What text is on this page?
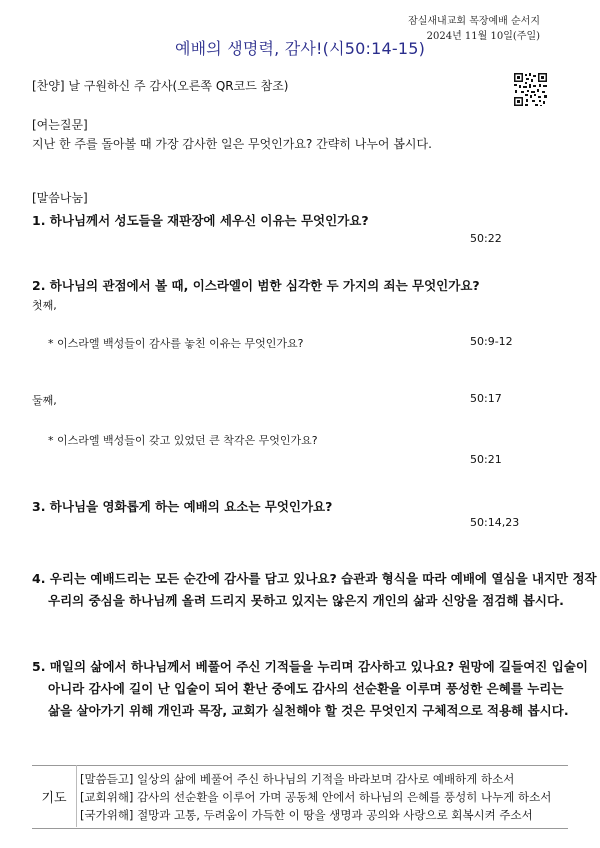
잠실새내교회 목장예배 순서지
2024년 11월 10일(주일)
예배의 생명력, 감사!(시50:14-15)
[찬양] 날 구원하신 주 감사(오른쪽 QR코드 참조)
[여는질문]
지난 한 주를 돌아볼 때 가장 감사한 일은 무엇인가요? 간략히 나누어 봅시다.
[말씀나눔]
1. 하나님께서 성도들을 재판장에 세우신 이유는 무엇인가요?
50:22
2. 하나님의 관점에서 볼 때, 이스라엘이 범한 심각한 두 가지의 죄는 무엇인가요?
첫째,
* 이스라엘 백성들이 감사를 놓친 이유는 무엇인가요?	50:9-12
둘째,	50:17
* 이스라엘 백성들이 갖고 있었던 큰 착각은 무엇인가요?
50:21
3. 하나님을 영화롭게 하는 예배의 요소는 무엇인가요?
50:14,23
4. 우리는 예배드리는 모든 순간에 감사를 담고 있나요? 습관과 형식을 따라 예배에 열심을 내지만 정작
우리의 중심을 하나님께 올려 드리지 못하고 있지는 않은지 개인의 삶과 신앙을 점검해 봅시다.
5. 매일의 삶에서 하나님께서 베풀어 주신 기적들을 누리며 감사하고 있나요? 원망에 길들여진 입술이
아니라 감사에 길이 난 입술이 되어 환난 중에도 감사의 선순환을 이루며 풍성한 은혜를 누리는
삶을 살아가기 위해 개인과 목장, 교회가 실천해야 할 것은 무엇인지 구체적으로 적용해 봅시다.
기도
[말씀듣고] 일상의 삶에 베풀어 주신 하나님의 기적을 바라보며 감사로 예배하게 하소서
[교회위해] 감사의 선순환을 이루어 가며 공동체 안에서 하나님의 은혜를 풍성히 나누게 하소서
[국가위해] 절망과 고통, 두려움이 가득한 이 땅을 생명과 공의와 사랑으로 회복시켜 주소서
